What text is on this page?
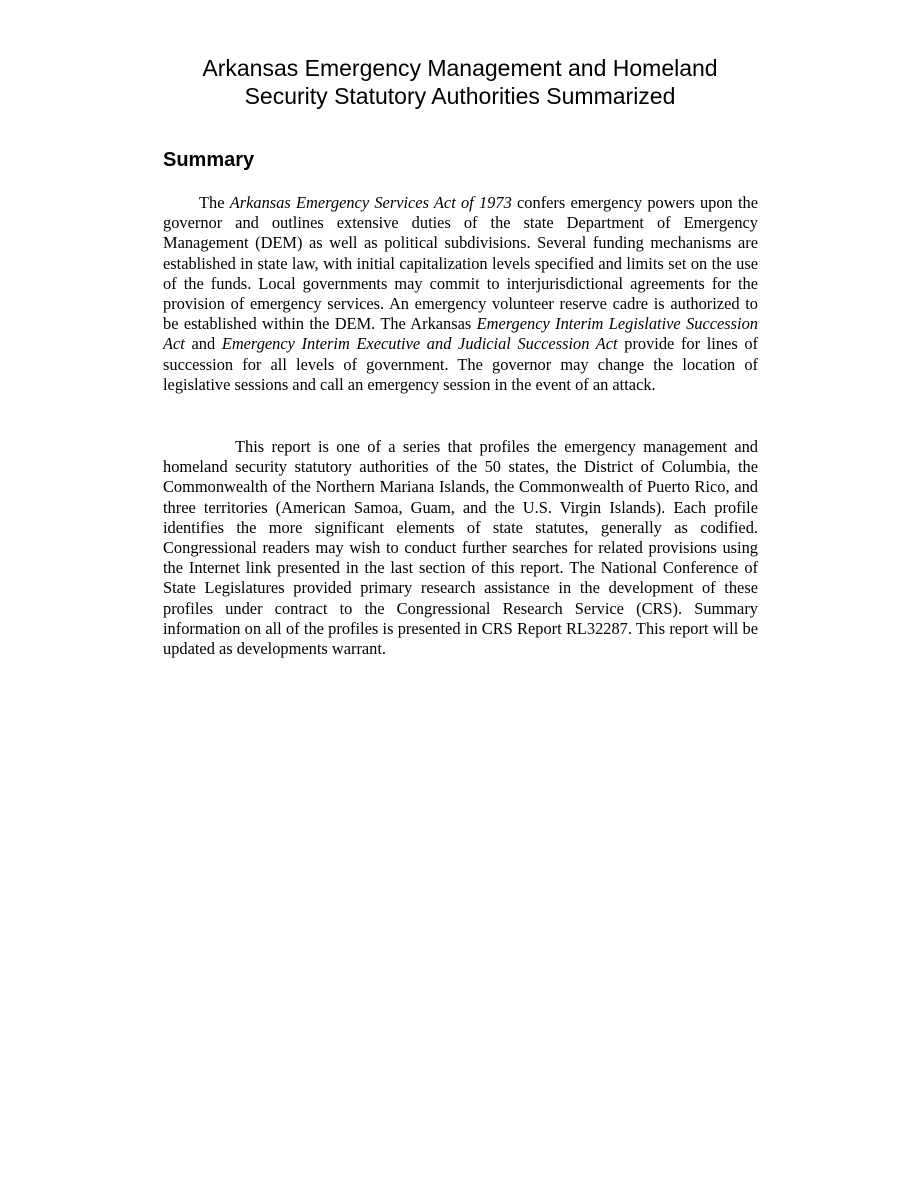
Arkansas Emergency Management and Homeland
Security Statutory Authorities Summarized
Summary

The Arkansas Emergency Services Act of 1973 confers emergency powers upon the governor and outlines extensive duties of the state Department of Emergency Management (DEM) as well as political subdivisions. Several funding mechanisms are established in state law, with initial capitalization levels specified and limits set on the use of the funds. Local governments may commit to interjurisdictional agreements for the provision of emergency services. An emergency volunteer reserve cadre is authorized to be established within the DEM. The Arkansas Emergency Interim Legislative Succession Act and Emergency Interim Executive and Judicial Succession Act provide for lines of succession for all levels of government. The governor may change the location of legislative sessions and call an emergency session in the event of an attack.

This report is one of a series that profiles the emergency management and homeland security statutory authorities of the 50 states, the District of Columbia, the Commonwealth of the Northern Mariana Islands, the Commonwealth of Puerto Rico, and three territories (American Samoa, Guam, and the U.S. Virgin Islands). Each profile identifies the more significant elements of state statutes, generally as codified. Congressional readers may wish to conduct further searches for related provisions using the Internet link presented in the last section of this report. The National Conference of State Legislatures provided primary research assistance in the development of these profiles under contract to the Congressional Research Service (CRS). Summary information on all of the profiles is presented in CRS Report RL32287. This report will be updated as developments warrant.
